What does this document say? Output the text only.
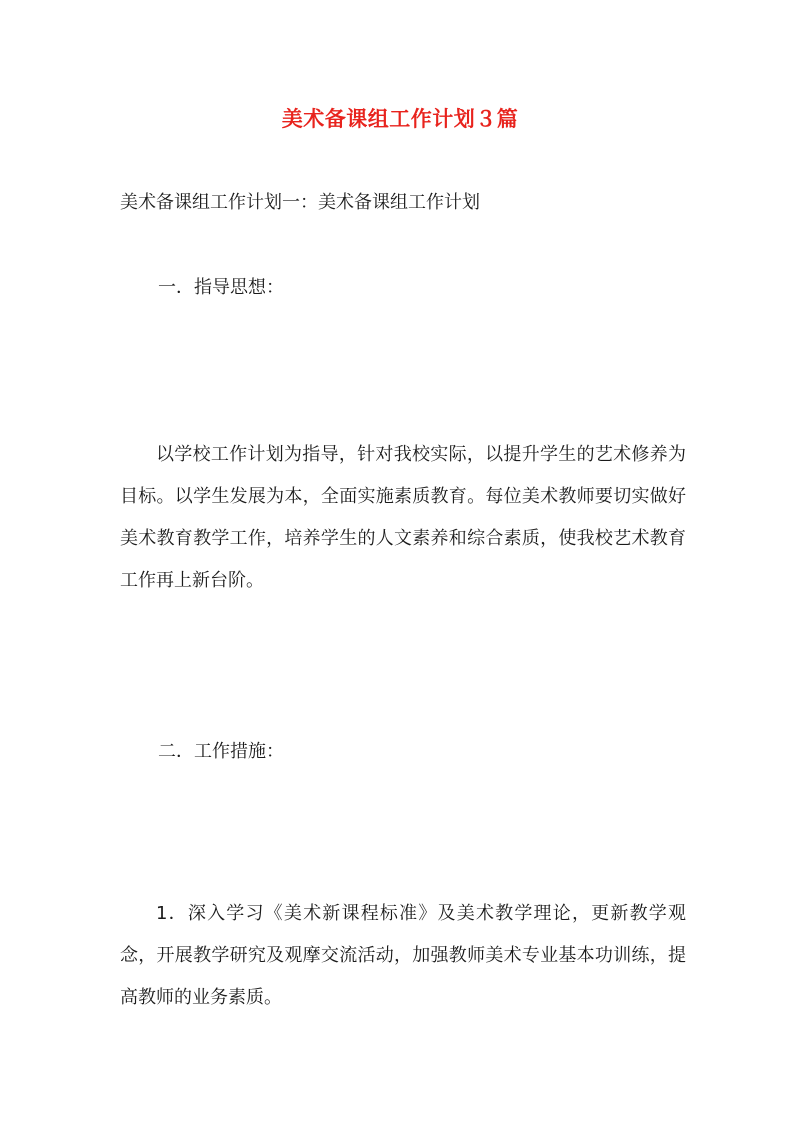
美术备课组工作计划３篇
美术备课组工作计划一：美术备课组工作计划
一．指导思想：

以学校工作计划为指导，针对我校实际，以提升学生的艺术修养为目标。以学生发展为本，全面实施素质教育。每位美术教师要切实做好美术教育教学工作，培养学生的人文素养和综合素质，使我校艺术教育工作再上新台阶。

二．工作措施：

1．深入学习《美术新课程标准》及美术教学理论，更新教学观念，开展教学研究及观摩交流活动，加强教师美术专业基本功训练，提高教师的业务素质。
